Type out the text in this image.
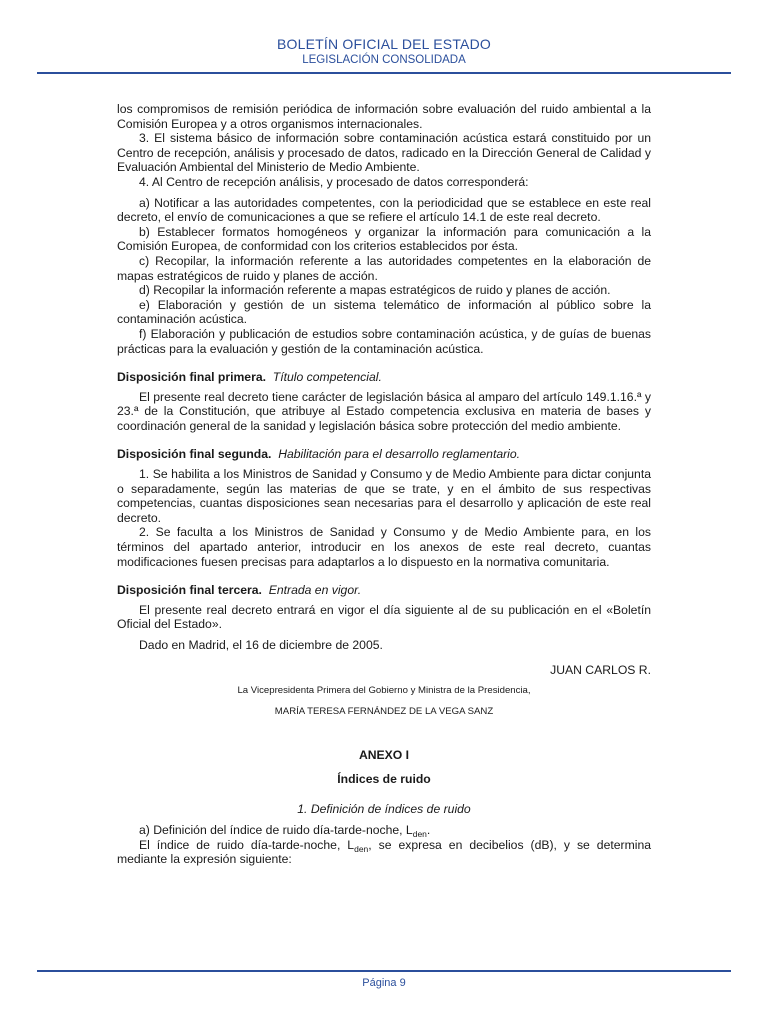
BOLETÍN OFICIAL DEL ESTADO
LEGISLACIÓN CONSOLIDADA

los compromisos de remisión periódica de información sobre evaluación del ruido ambiental a la Comisión Europea y a otros organismos internacionales.

3. El sistema básico de información sobre contaminación acústica estará constituido por un Centro de recepción, análisis y procesado de datos, radicado en la Dirección General de Calidad y Evaluación Ambiental del Ministerio de Medio Ambiente.

4. Al Centro de recepción análisis, y procesado de datos corresponderá:

a) Notificar a las autoridades competentes, con la periodicidad que se establece en este real decreto, el envío de comunicaciones a que se refiere el artículo 14.1 de este real decreto.

b) Establecer formatos homogéneos y organizar la información para comunicación a la Comisión Europea, de conformidad con los criterios establecidos por ésta.

c) Recopilar, la información referente a las autoridades competentes en la elaboración de mapas estratégicos de ruido y planes de acción.

d) Recopilar la información referente a mapas estratégicos de ruido y planes de acción.

e) Elaboración y gestión de un sistema telemático de información al público sobre la contaminación acústica.

f) Elaboración y publicación de estudios sobre contaminación acústica, y de guías de buenas prácticas para la evaluación y gestión de la contaminación acústica.

Disposición final primera. Título competencial.

El presente real decreto tiene carácter de legislación básica al amparo del artículo 149.1.16.ª y 23.ª de la Constitución, que atribuye al Estado competencia exclusiva en materia de bases y coordinación general de la sanidad y legislación básica sobre protección del medio ambiente.

Disposición final segunda. Habilitación para el desarrollo reglamentario.

1. Se habilita a los Ministros de Sanidad y Consumo y de Medio Ambiente para dictar conjunta o separadamente, según las materias de que se trate, y en el ámbito de sus respectivas competencias, cuantas disposiciones sean necesarias para el desarrollo y aplicación de este real decreto.

2. Se faculta a los Ministros de Sanidad y Consumo y de Medio Ambiente para, en los términos del apartado anterior, introducir en los anexos de este real decreto, cuantas modificaciones fuesen precisas para adaptarlos a lo dispuesto en la normativa comunitaria.

Disposición final tercera. Entrada en vigor.

El presente real decreto entrará en vigor el día siguiente al de su publicación en el «Boletín Oficial del Estado».

Dado en Madrid, el 16 de diciembre de 2005.

JUAN CARLOS R.

La Vicepresidenta Primera del Gobierno y Ministra de la Presidencia,

MARÍA TERESA FERNÁNDEZ DE LA VEGA SANZ

ANEXO I

Índices de ruido

1. Definición de índices de ruido

a) Definición del índice de ruido día-tarde-noche, $L_{den}$.

El índice de ruido día-tarde-noche, $L_{den}$, se expresa en decibelios (dB), y se determina mediante la expresión siguiente:

Página 9
